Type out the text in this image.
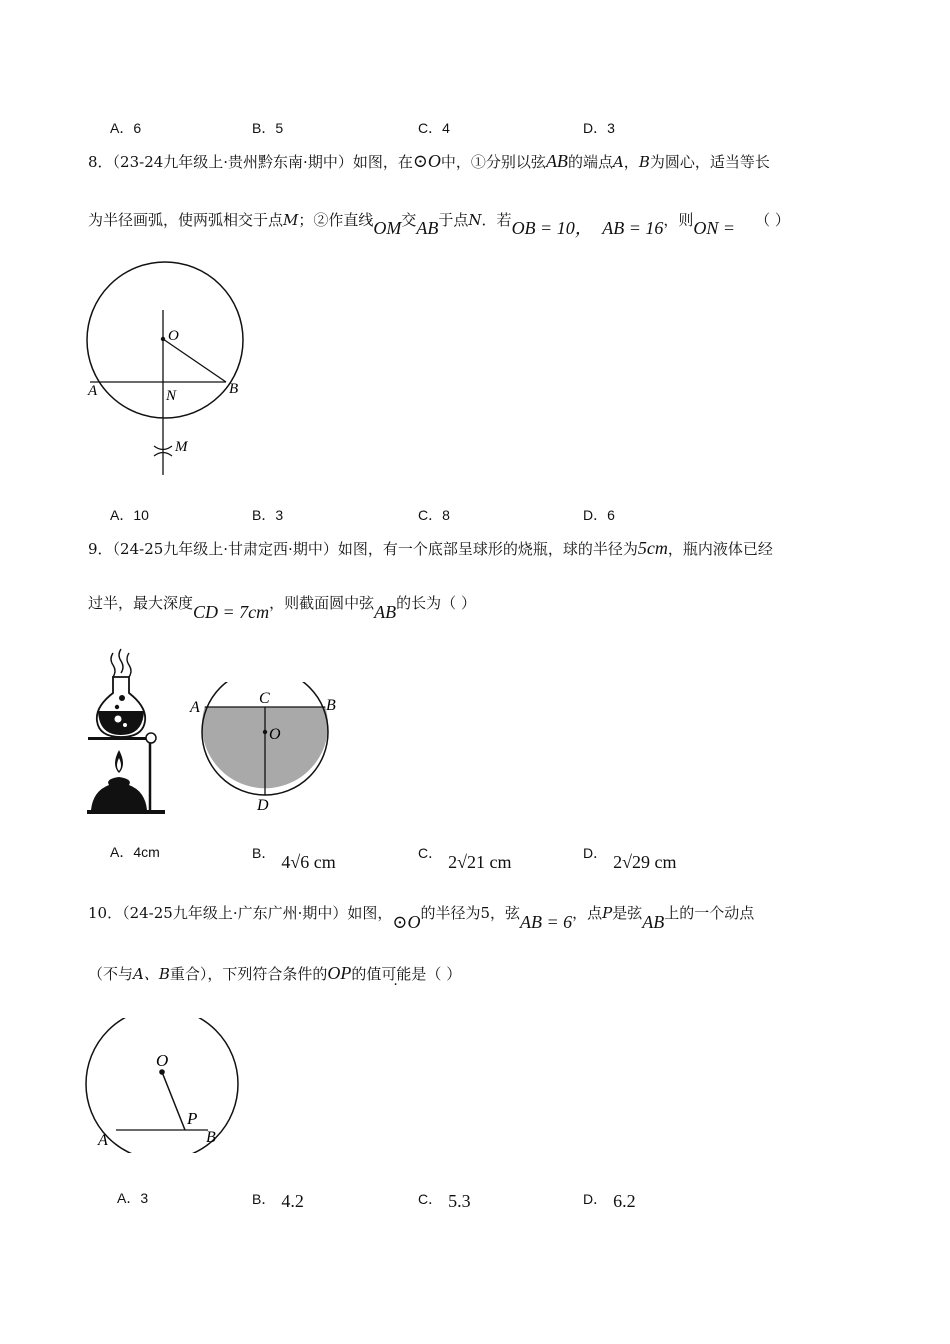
A．6	B．5	C．4	D．3
8．（23-24九年级上·贵州黔东南·期中）如图，在⊙O中，①分别以弦AB的端点A，B为圆心，适当等长
为半径画弧，使两弧相交于点M；②作直线OM交AB于点N．若OB = 10， AB = 16，则ON = （ ）
O
A	B
N
M
A．10	B．3	C．8	D．6
9．（24-25九年级上·甘肃定西·期中）如图，有一个底部呈球形的烧瓶，球的半径为5cm，瓶内液体已经
过半，最大深度CD = 7cm，则截面圆中弦AB的长为（ ）
C
A	B
O
D
A．4cm	B． 4√6 cm	C． 2√21 cm	D． 2√29 cm
10．（24-25九年级上·广东广州·期中）如图，⊙O的半径为5，弦AB = 6，点P是弦AB上的一个动点
（不与A、B重合），下列符合条件的OP的值可能是（ ）
O
P
A	B
A．3	B． 4.2	C． 5.3	D． 6.2
